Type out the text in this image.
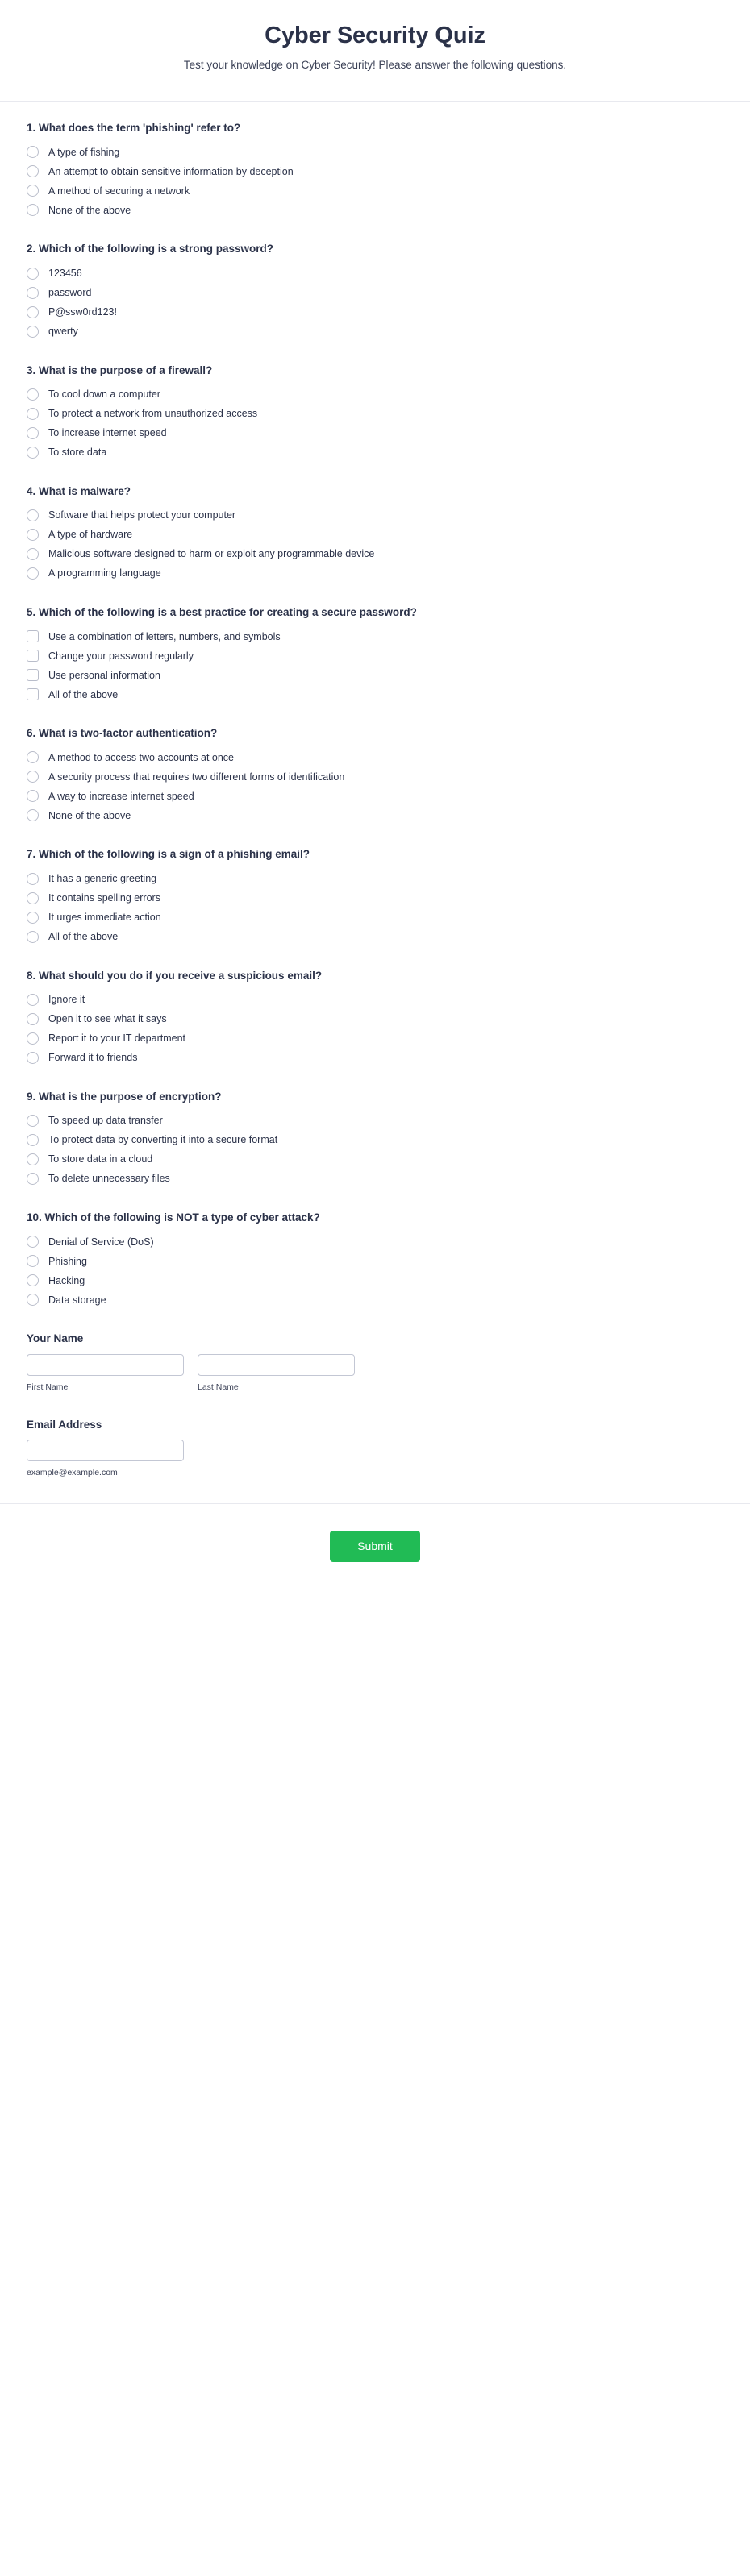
Cyber Security Quiz

Test your knowledge on Cyber Security! Please answer the following questions.

1. What does the term 'phishing' refer to?
A type of fishing
An attempt to obtain sensitive information by deception
A method of securing a network
None of the above
2. Which of the following is a strong password?
123456
password
P@ssw0rd123!
qwerty
3. What is the purpose of a firewall?
To cool down a computer
To protect a network from unauthorized access
To increase internet speed
To store data
4. What is malware?
Software that helps protect your computer
A type of hardware
Malicious software designed to harm or exploit any programmable device
A programming language
5. Which of the following is a best practice for creating a secure password?
Use a combination of letters, numbers, and symbols
Change your password regularly
Use personal information
All of the above
6. What is two-factor authentication?
A method to access two accounts at once
A security process that requires two different forms of identification
A way to increase internet speed
None of the above
7. Which of the following is a sign of a phishing email?
It has a generic greeting
It contains spelling errors
It urges immediate action
All of the above
8. What should you do if you receive a suspicious email?
Ignore it
Open it to see what it says
Report it to your IT department
Forward it to friends
9. What is the purpose of encryption?
To speed up data transfer
To protect data by converting it into a secure format
To store data in a cloud
To delete unnecessary files
10. Which of the following is NOT a type of cyber attack?
Denial of Service (DoS)
Phishing
Hacking
Data storage
Your Name
First Name	Last Name
Email Address
example@example.com
Submit
